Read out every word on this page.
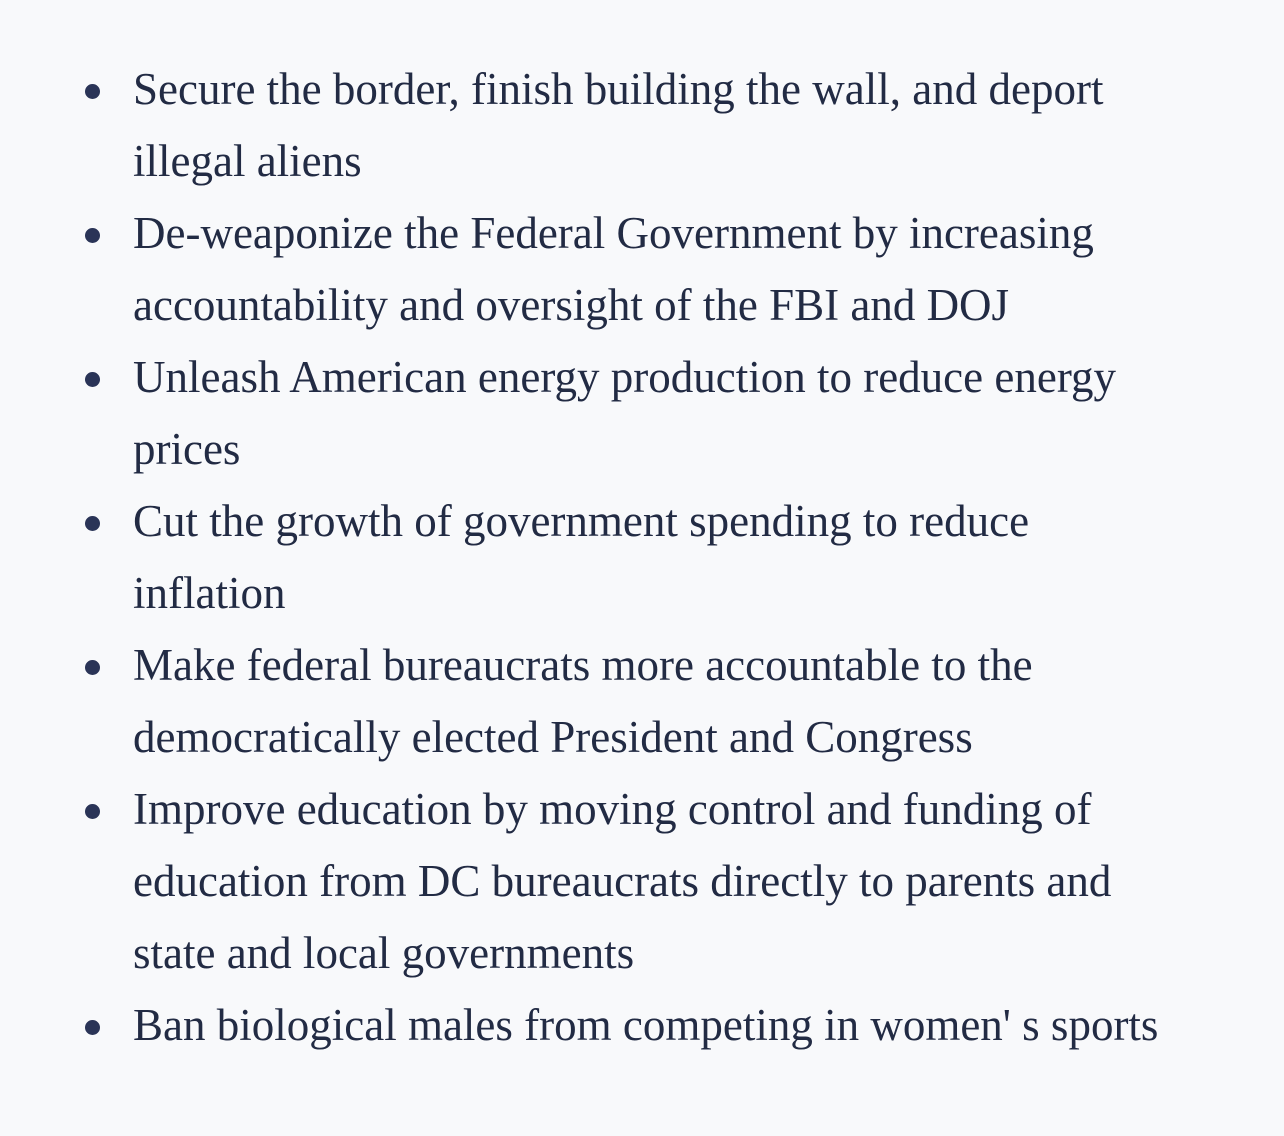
Secure the border, finish building the wall, and deport
illegal aliens
De-weaponize the Federal Government by increasing
accountability and oversight of the FBI and DOJ
Unleash American energy production to reduce energy
prices
Cut the growth of government spending to reduce
inflation
Make federal bureaucrats more accountable to the
democratically elected President and Congress
Improve education by moving control and funding of
education from DC bureaucrats directly to parents and
state and local governments
Ban biological males from competing in women' s sports
